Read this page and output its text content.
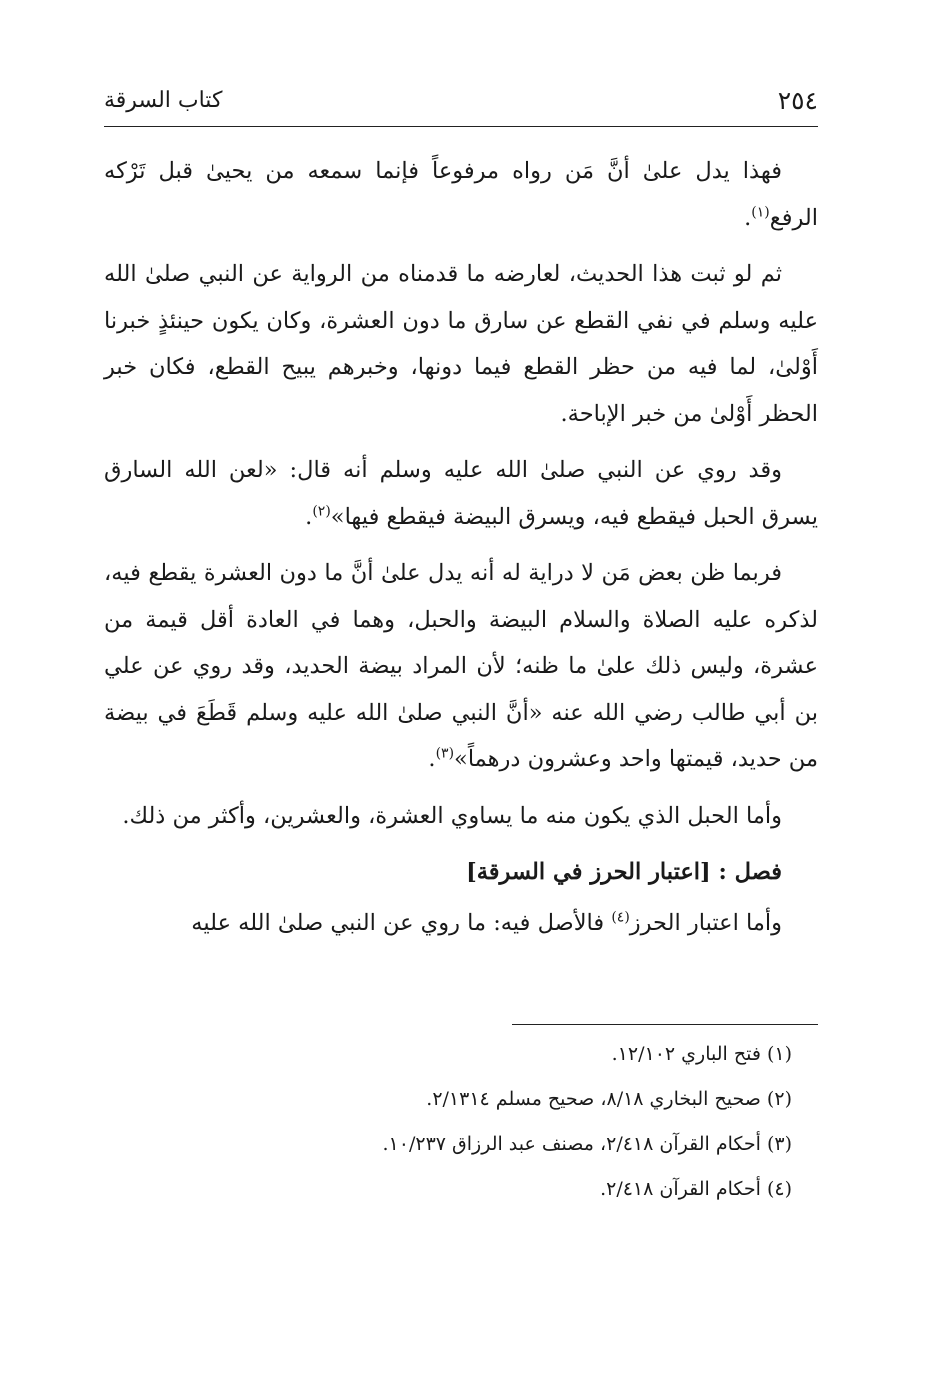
٢٥٤
كتاب السرقة

فهذا يدل علىٰ أنَّ مَن رواه مرفوعاً فإنما سمعه من يحيىٰ قبل تَرْكه الرفع$^{(١)}$.

ثم لو ثبت هذا الحديث، لعارضه ما قدمناه من الرواية عن النبي صلىٰ الله عليه وسلم في نفي القطع عن سارق ما دون العشرة، وكان يكون حينئذٍ خبرنا أَوْلىٰ، لما فيه من حظر القطع فيما دونها، وخبرهم يبيح القطع، فكان خبر الحظر أَوْلىٰ من خبر الإباحة.

وقد روي عن النبي صلىٰ الله عليه وسلم أنه قال: «لعن الله السارق يسرق الحبل فيقطع فيه، ويسرق البيضة فيقطع فيها»$^{(٢)}$.

فربما ظن بعض مَن لا دراية له أنه يدل علىٰ أنَّ ما دون العشرة يقطع فيه، لذكره عليه الصلاة والسلام البيضة والحبل، وهما في العادة أقل قيمة من عشرة، وليس ذلك علىٰ ما ظنه؛ لأن المراد بيضة الحديد، وقد روي عن علي بن أبي طالب رضي الله عنه «أنَّ النبي صلىٰ الله عليه وسلم قَطَعَ في بيضة من حديد، قيمتها واحد وعشرون درهماً»$^{(٣)}$.

وأما الحبل الذي يكون منه ما يساوي العشرة، والعشرين، وأكثر من ذلك.

فصل : [اعتبار الحرز في السرقة]

وأما اعتبار الحرز$^{(٤)}$ فالأصل فيه: ما روي عن النبي صلىٰ الله عليه

(١) فتح الباري ١٢/١٠٢.
(٢) صحيح البخاري ٨/١٨، صحيح مسلم ٢/١٣١٤.
(٣) أحكام القرآن ٢/٤١٨، مصنف عبد الرزاق ١٠/٢٣٧.
(٤) أحكام القرآن ٢/٤١٨.
